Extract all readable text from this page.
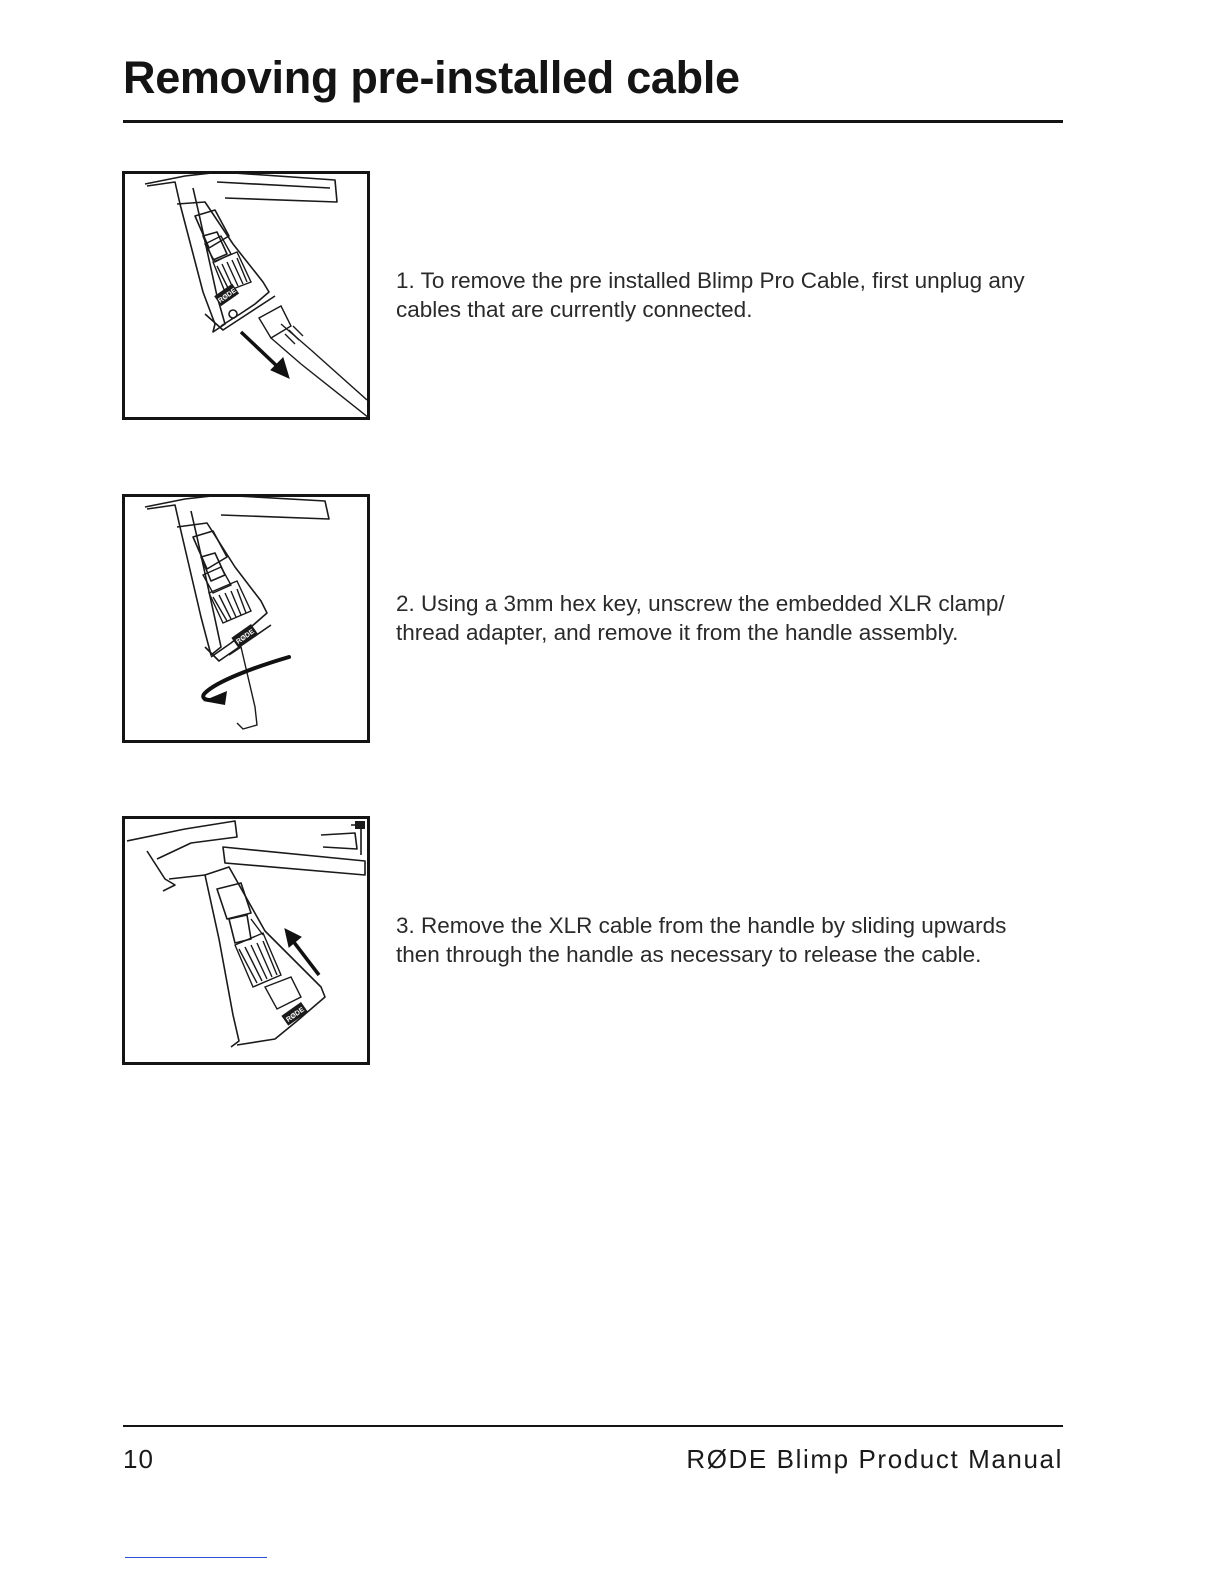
Removing pre-installed cable
RØDE

1. To remove the pre installed Blimp Pro Cable, first unplug any cables that are currently connected.

RØDE

2. Using a 3mm hex key, unscrew the embedded XLR clamp/ thread adapter, and remove it from the handle assembly.

RØDE

3. Remove the XLR cable from the handle by sliding upwards then through the handle as necessary to release the cable.

10	RØDE Blimp Product Manual
